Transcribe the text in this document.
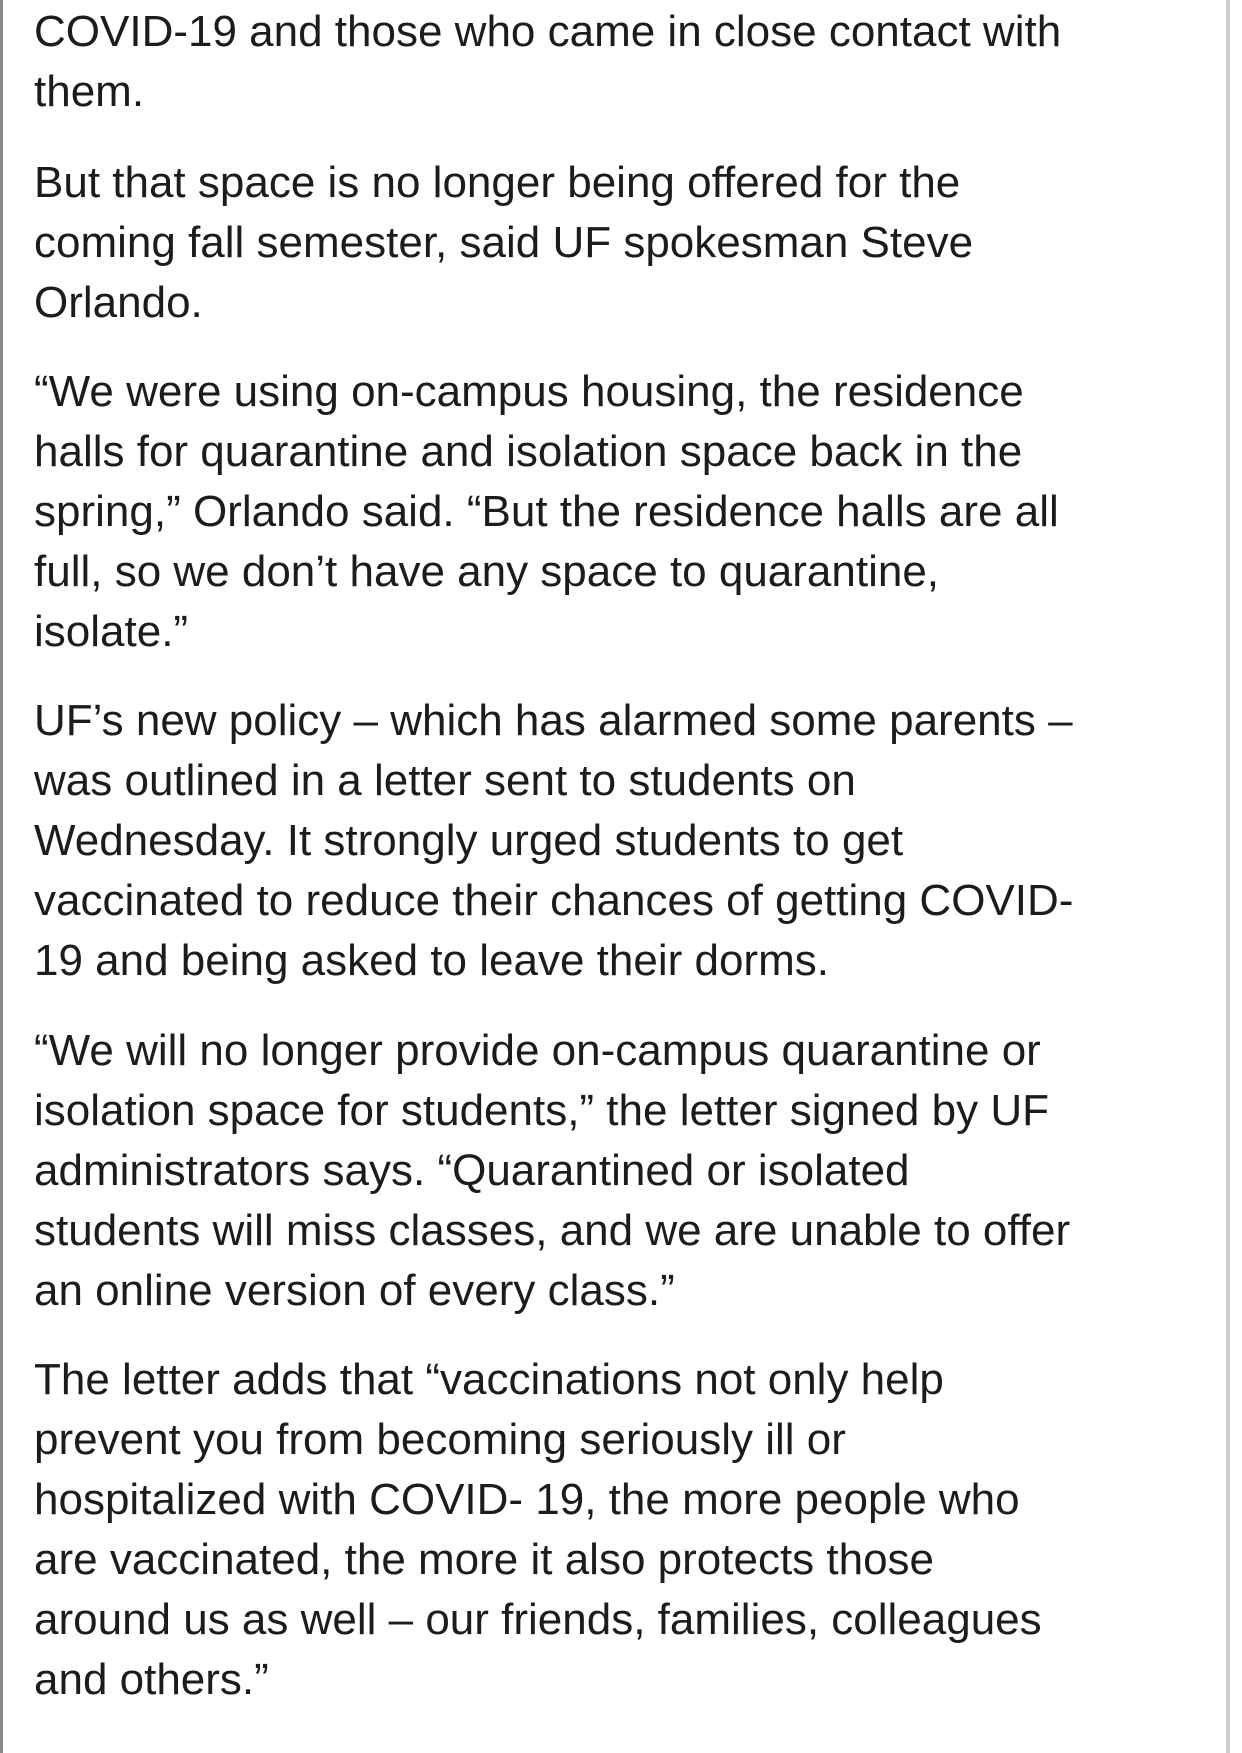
COVID-19 and those who came in close contact with
them.

But that space is no longer being offered for the
coming fall semester, said UF spokesman Steve
Orlando.

“We were using on-campus housing, the residence
halls for quarantine and isolation space back in the
spring,” Orlando said. “But the residence halls are all
full, so we don’t have any space to quarantine,
isolate.”

UF’s new policy – which has alarmed some parents –
was outlined in a letter sent to students on
Wednesday. It strongly urged students to get
vaccinated to reduce their chances of getting COVID-
19 and being asked to leave their dorms.

“We will no longer provide on-campus quarantine or
isolation space for students,” the letter signed by UF
administrators says. “Quarantined or isolated
students will miss classes, and we are unable to offer
an online version of every class.”

The letter adds that “vaccinations not only help
prevent you from becoming seriously ill or
hospitalized with COVID- 19, the more people who
are vaccinated, the more it also protects those
around us as well – our friends, families, colleagues
and others.”
